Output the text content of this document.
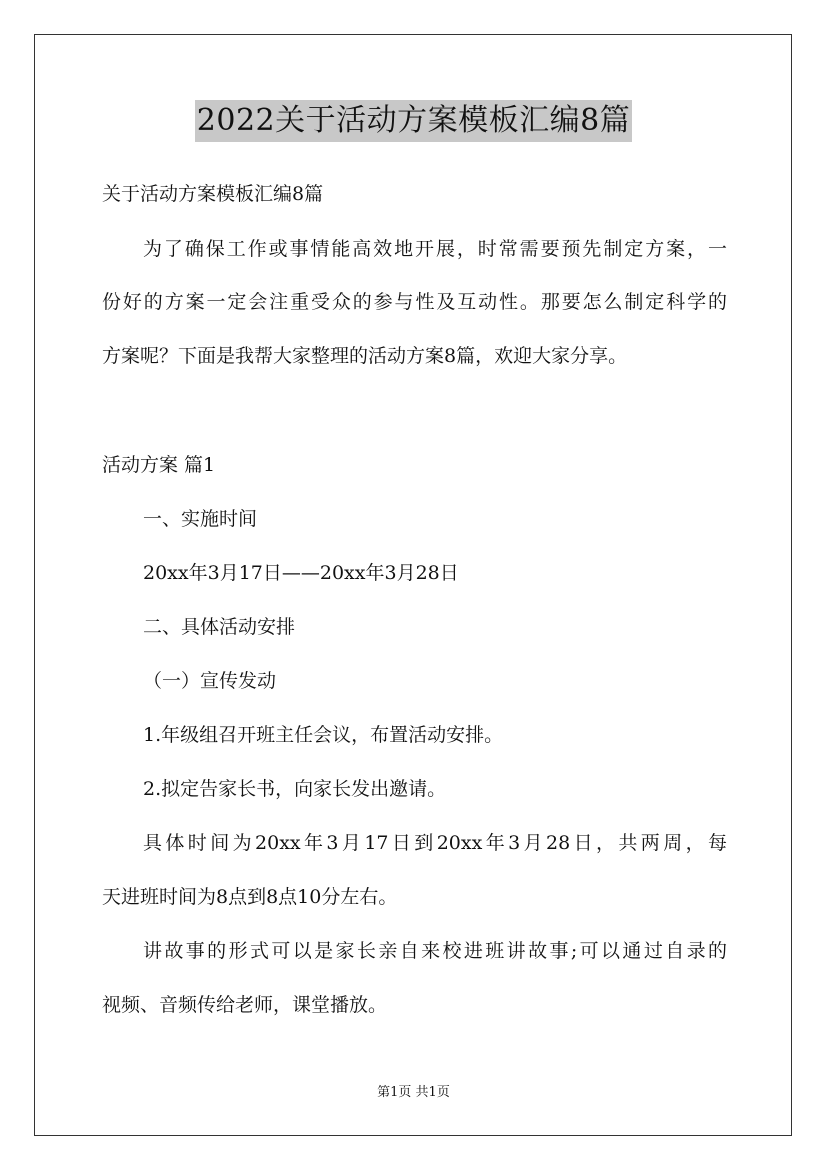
2022关于活动方案模板汇编8篇

关于活动方案模板汇编8篇

为了确保工作或事情能高效地开展，时常需要预先制定方案，一

份好的方案一定会注重受众的参与性及互动性。那要怎么制定科学的

方案呢？下面是我帮大家整理的活动方案8篇，欢迎大家分享。

活动方案 篇1

一、实施时间

20xx年3月17日——20xx年3月28日

二、具体活动安排

（一）宣传发动

1.年级组召开班主任会议，布置活动安排。

2.拟定告家长书，向家长发出邀请。

具体时间为20xx年3月17日到20xx年3月28日，共两周，每

天进班时间为8点到8点10分左右。

讲故事的形式可以是家长亲自来校进班讲故事;可以通过自录的

视频、音频传给老师，课堂播放。

第1页 共1页
